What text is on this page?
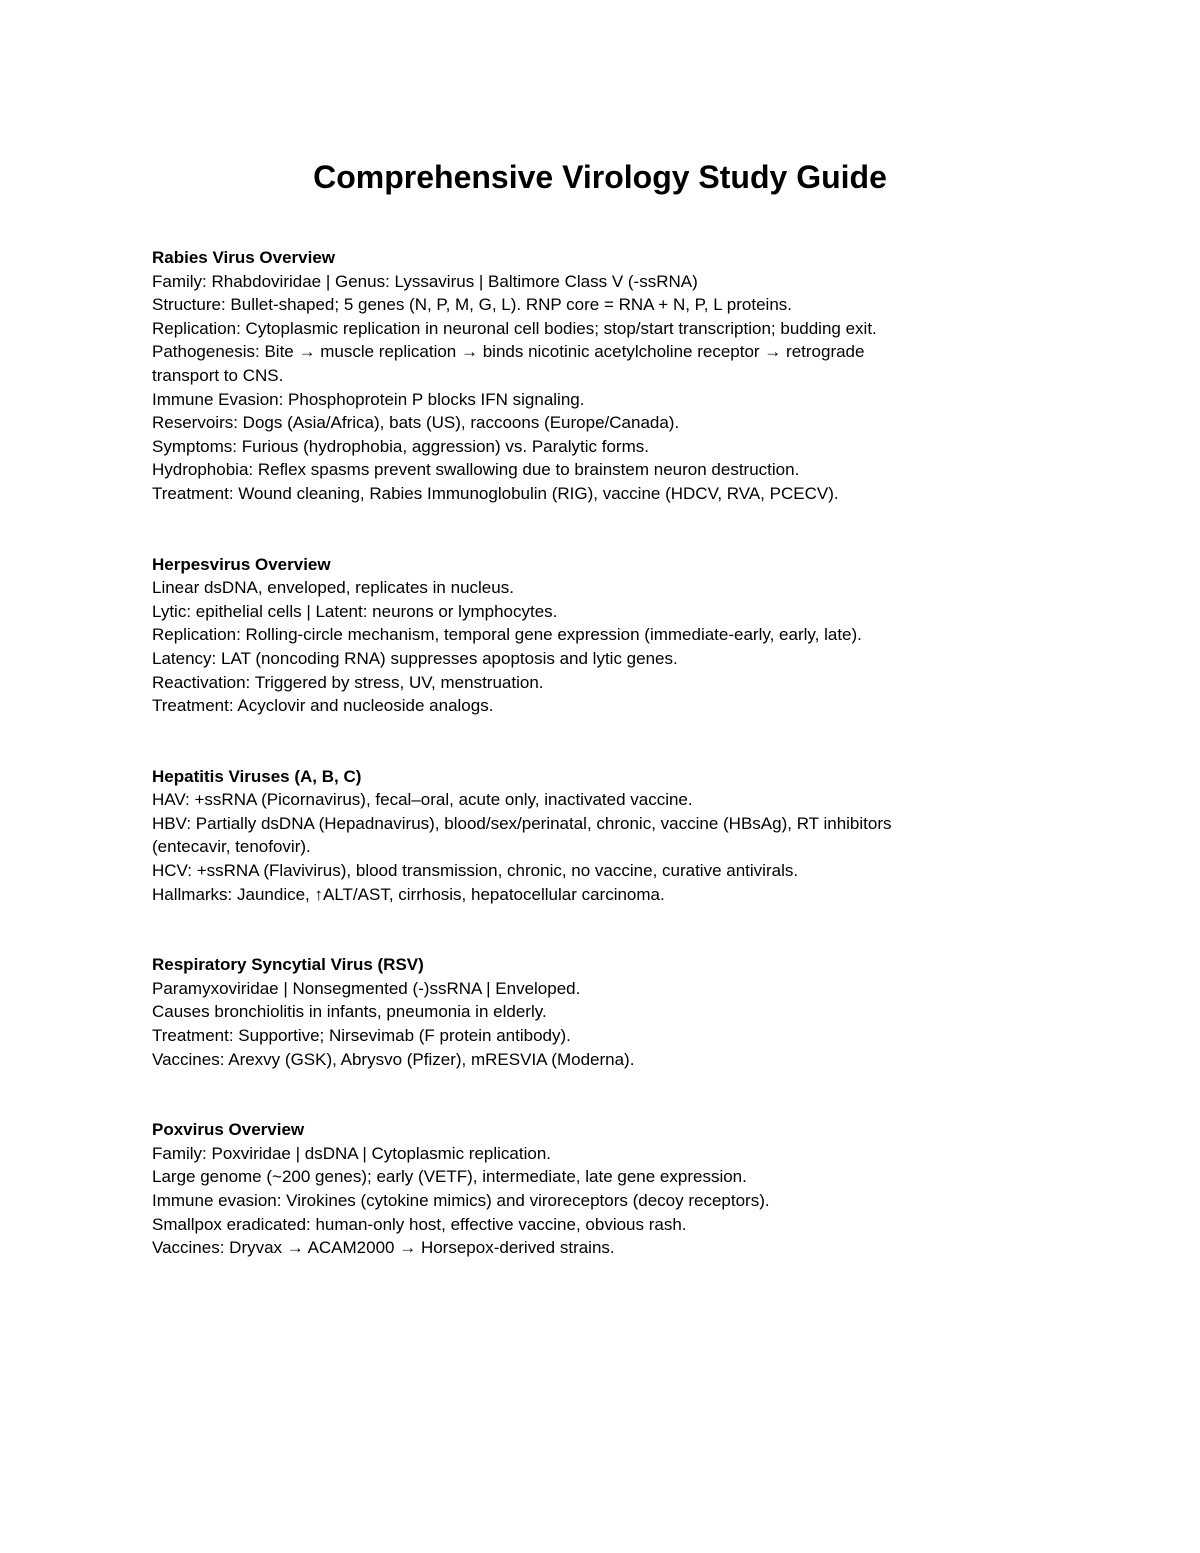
Comprehensive Virology Study Guide

Rabies Virus Overview

Family: Rhabdoviridae | Genus: Lyssavirus | Baltimore Class V (-ssRNA)

Structure: Bullet-shaped; 5 genes (N, P, M, G, L). RNP core = RNA + N, P, L proteins.

Replication: Cytoplasmic replication in neuronal cell bodies; stop/start transcription; budding exit.

Pathogenesis: Bite → muscle replication → binds nicotinic acetylcholine receptor → retrograde

transport to CNS.

Immune Evasion: Phosphoprotein P blocks IFN signaling.

Reservoirs: Dogs (Asia/Africa), bats (US), raccoons (Europe/Canada).

Symptoms: Furious (hydrophobia, aggression) vs. Paralytic forms.

Hydrophobia: Reflex spasms prevent swallowing due to brainstem neuron destruction.

Treatment: Wound cleaning, Rabies Immunoglobulin (RIG), vaccine (HDCV, RVA, PCECV).

Herpesvirus Overview

Linear dsDNA, enveloped, replicates in nucleus.

Lytic: epithelial cells | Latent: neurons or lymphocytes.

Replication: Rolling-circle mechanism, temporal gene expression (immediate-early, early, late).

Latency: LAT (noncoding RNA) suppresses apoptosis and lytic genes.

Reactivation: Triggered by stress, UV, menstruation.

Treatment: Acyclovir and nucleoside analogs.

Hepatitis Viruses (A, B, C)

HAV: +ssRNA (Picornavirus), fecal–oral, acute only, inactivated vaccine.

HBV: Partially dsDNA (Hepadnavirus), blood/sex/perinatal, chronic, vaccine (HBsAg), RT inhibitors

(entecavir, tenofovir).

HCV: +ssRNA (Flavivirus), blood transmission, chronic, no vaccine, curative antivirals.

Hallmarks: Jaundice, ↑ALT/AST, cirrhosis, hepatocellular carcinoma.

Respiratory Syncytial Virus (RSV)

Paramyxoviridae | Nonsegmented (-)ssRNA | Enveloped.

Causes bronchiolitis in infants, pneumonia in elderly.

Treatment: Supportive; Nirsevimab (F protein antibody).

Vaccines: Arexvy (GSK), Abrysvo (Pfizer), mRESVIA (Moderna).

Poxvirus Overview

Family: Poxviridae | dsDNA | Cytoplasmic replication.

Large genome (~200 genes); early (VETF), intermediate, late gene expression.

Immune evasion: Virokines (cytokine mimics) and viroreceptors (decoy receptors).

Smallpox eradicated: human-only host, effective vaccine, obvious rash.

Vaccines: Dryvax → ACAM2000 → Horsepox-derived strains.
